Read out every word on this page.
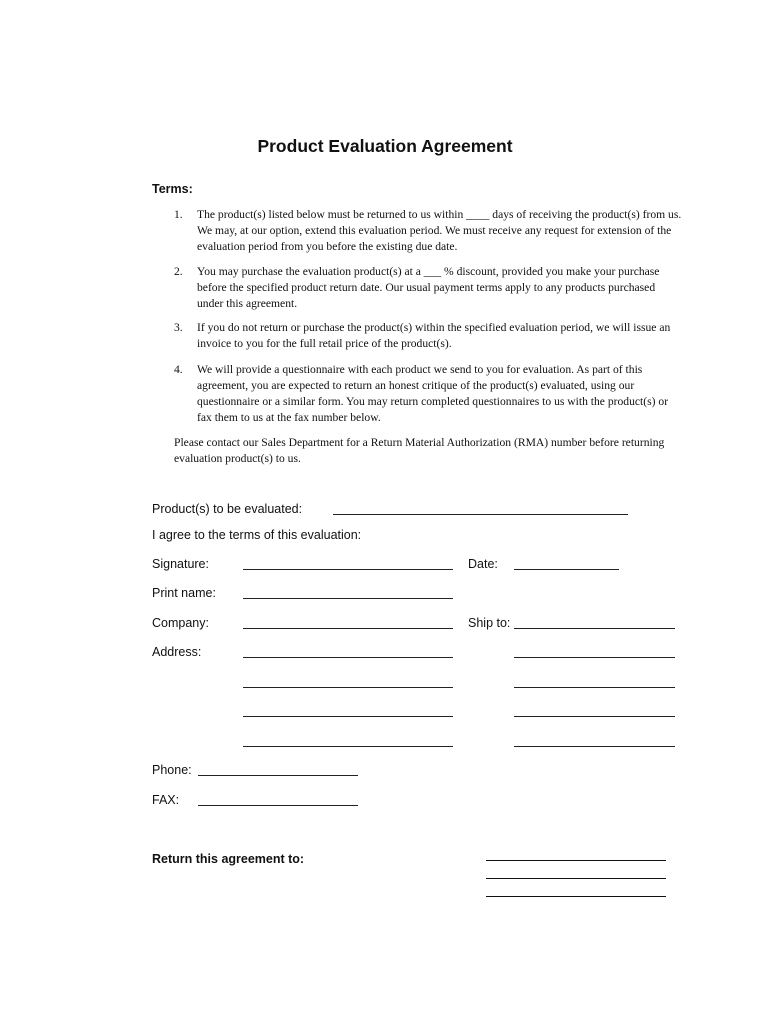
Product Evaluation Agreement
Terms:
1. The product(s) listed below must be returned to us within ____ days of receiving the product(s) from us. We may, at our option, extend this evaluation period. We must receive any request for extension of the evaluation period from you before the existing due date.
2. You may purchase the evaluation product(s) at a ___ % discount, provided you make your purchase before the specified product return date. Our usual payment terms apply to any products purchased under this agreement.
3. If you do not return or purchase the product(s) within the specified evaluation period, we will issue an invoice to you for the full retail price of the product(s).
4. We will provide a questionnaire with each product we send to you for evaluation. As part of this agreement, you are expected to return an honest critique of the product(s) evaluated, using our questionnaire or a similar form. You may return completed questionnaires to us with the product(s) or fax them to us at the fax number below.
Please contact our Sales Department for a Return Material Authorization (RMA) number before returning evaluation product(s) to us.
Product(s) to be evaluated:
I agree to the terms of this evaluation:
Signature:	Date:
Print name:
Company:	Ship to:
Address:
Phone:
FAX:
Return this agreement to:
